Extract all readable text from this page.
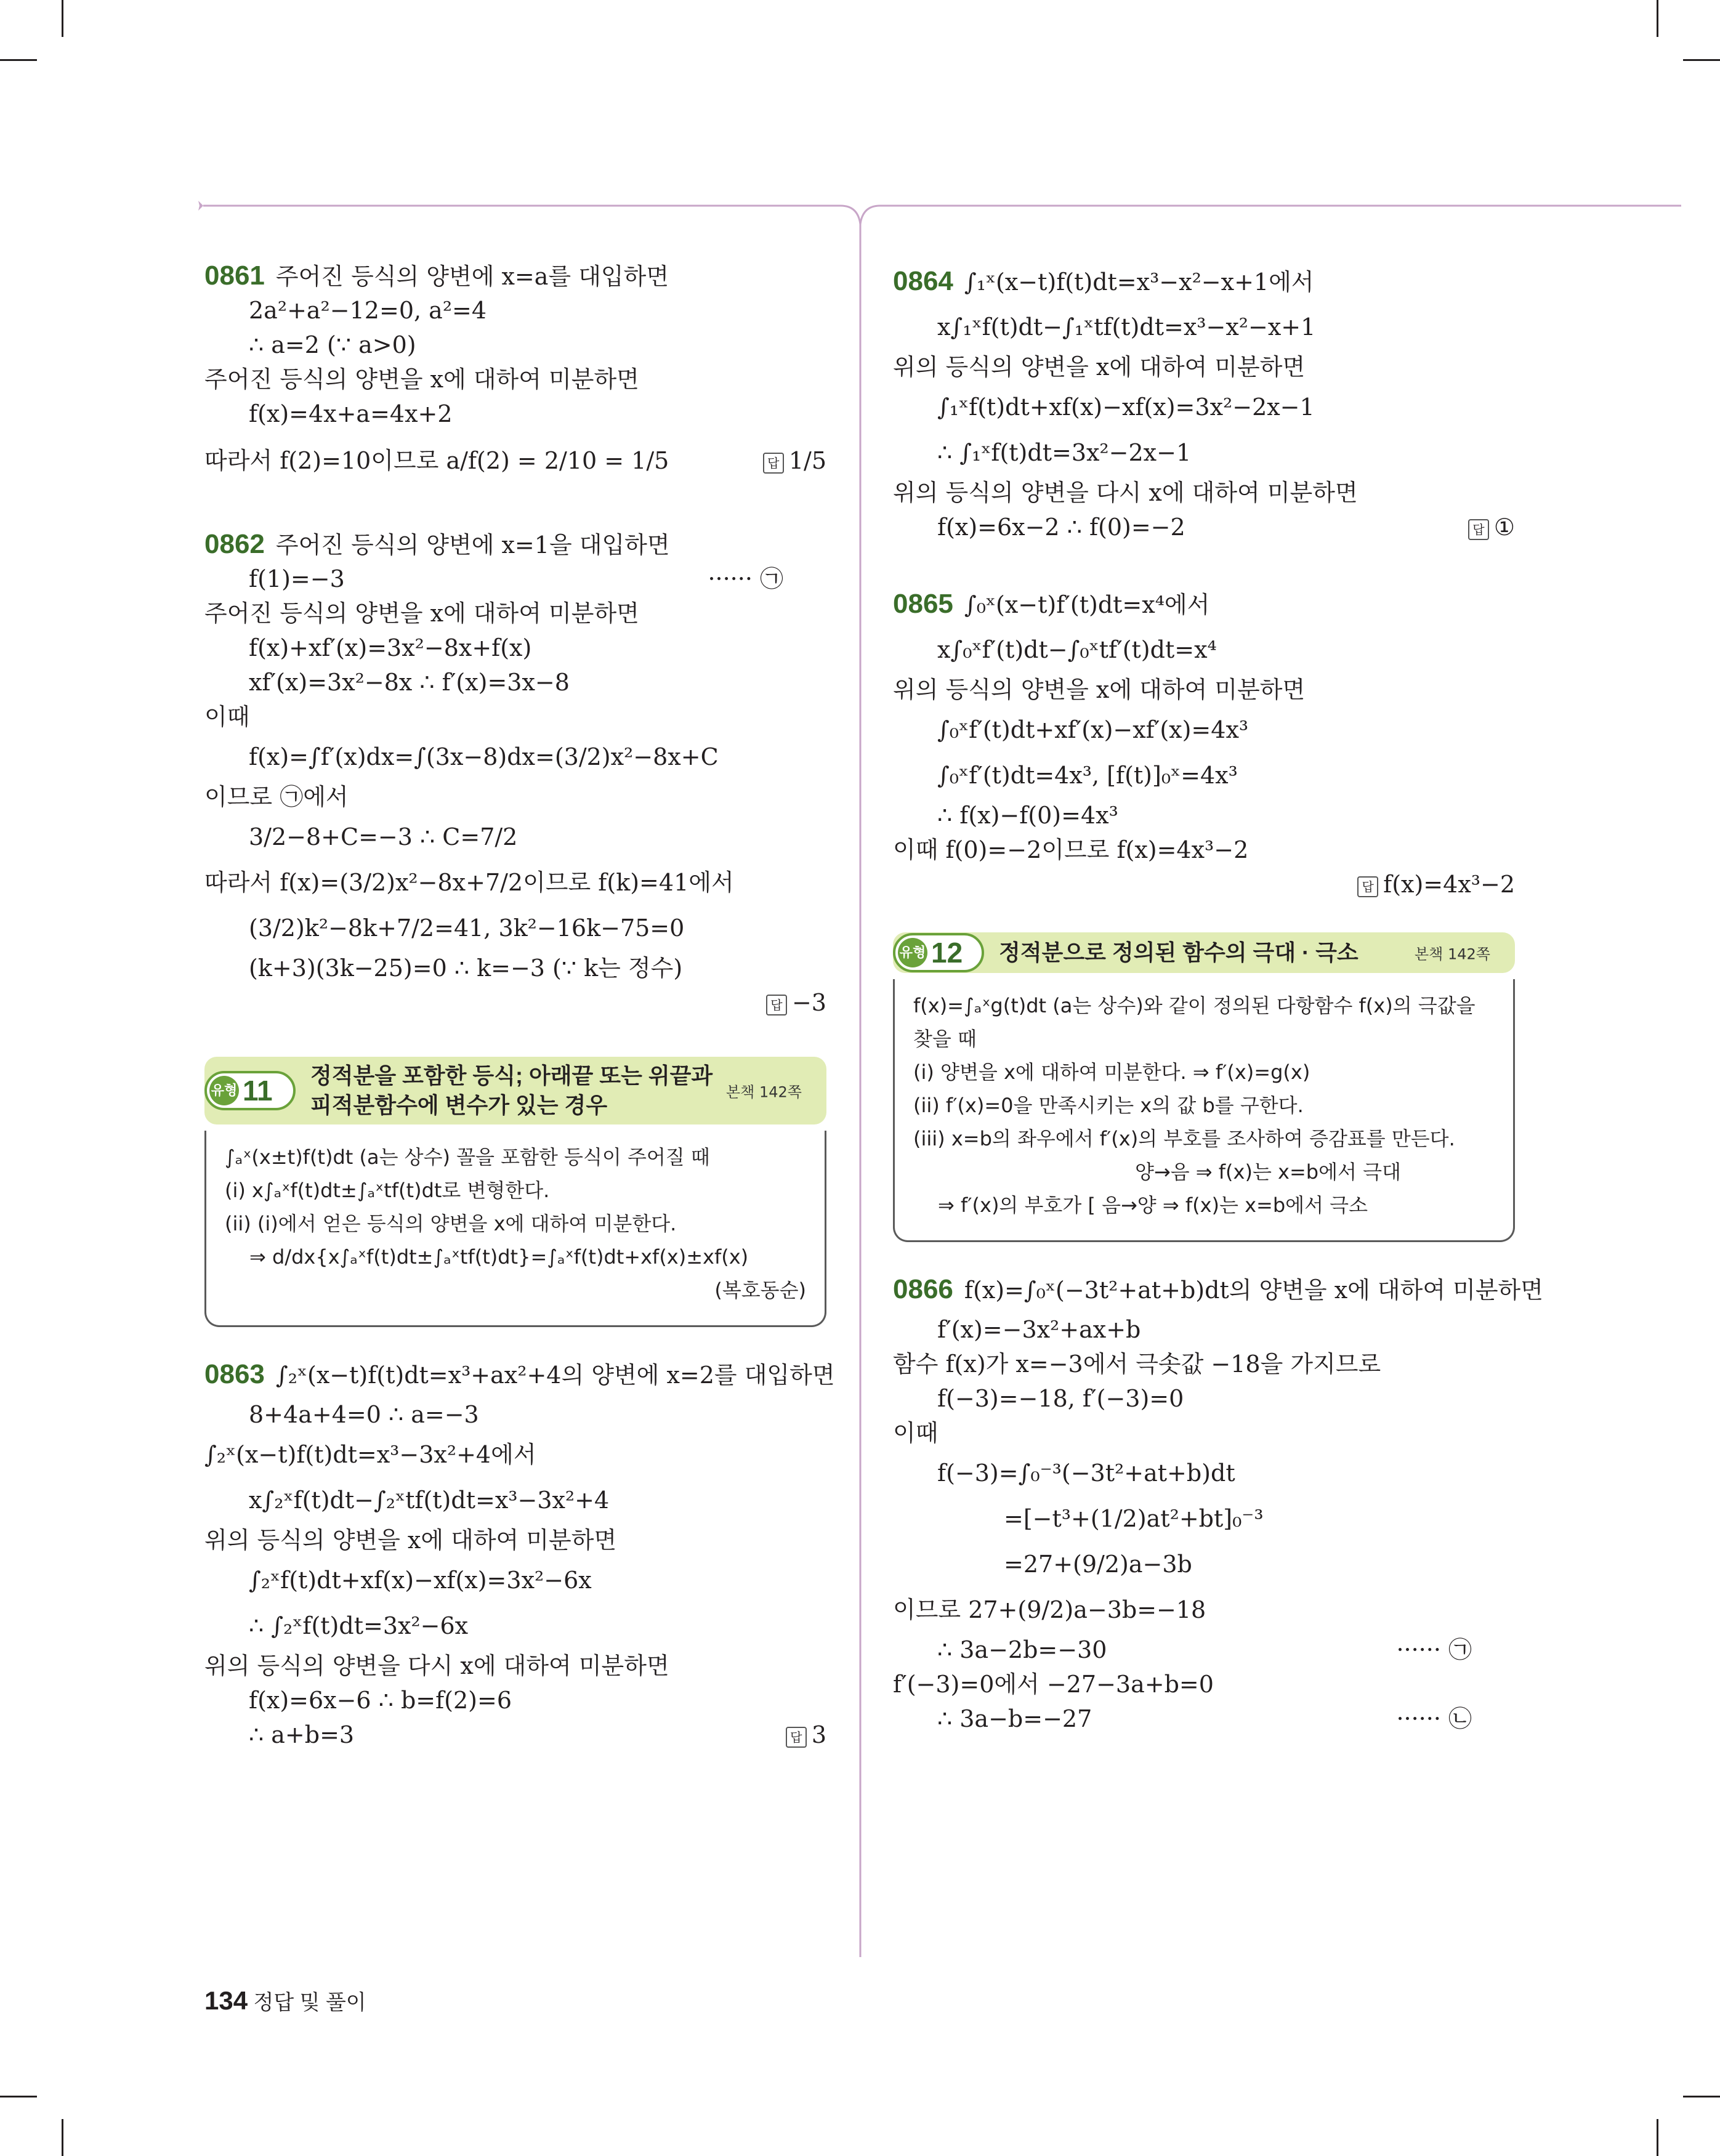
0861 주어진 등식의 양변에 x=a를 대입하면
2a²+a²−12=0, a²=4
∴ a=2 (∵ a>0)
주어진 등식의 양변을 x에 대하여 미분하면
f(x)=4x+a=4x+2
따라서 f(2)=10이므로 a/f(2) = 2/10 = 1/5	답 1/5
0862 주어진 등식의 양변에 x=1을 대입하면
f(1)=−3	······ ㉠
주어진 등식의 양변을 x에 대하여 미분하면
f(x)+xf′(x)=3x²−8x+f(x)
xf′(x)=3x²−8x ∴ f′(x)=3x−8
이때
f(x)=∫f′(x)dx=∫(3x−8)dx=(3/2)x²−8x+C
이므로 ㉠에서
3/2−8+C=−3 ∴ C=7/2
따라서 f(x)=(3/2)x²−8x+7/2이므로 f(k)=41에서
(3/2)k²−8k+7/2=41, 3k²−16k−75=0
(k+3)(3k−25)=0 ∴ k=−3 (∵ k는 정수)
답 −3
유형 11 정적분을 포함한 등식; 아래끝 또는 위끝과
피적분함수에 변수가 있는 경우
본책 142쪽
∫ₐˣ(x±t)f(t)dt (a는 상수) 꼴을 포함한 등식이 주어질 때
(i) x∫ₐˣf(t)dt±∫ₐˣtf(t)dt로 변형한다.
(ii) (i)에서 얻은 등식의 양변을 x에 대하여 미분한다.
⇒ d/dx{x∫ₐˣf(t)dt±∫ₐˣtf(t)dt}=∫ₐˣf(t)dt+xf(x)±xf(x)
(복호동순)
0863 ∫₂ˣ(x−t)f(t)dt=x³+ax²+4의 양변에 x=2를 대입하면
8+4a+4=0 ∴ a=−3
∫₂ˣ(x−t)f(t)dt=x³−3x²+4에서
x∫₂ˣf(t)dt−∫₂ˣtf(t)dt=x³−3x²+4
위의 등식의 양변을 x에 대하여 미분하면
∫₂ˣf(t)dt+xf(x)−xf(x)=3x²−6x
∴ ∫₂ˣf(t)dt=3x²−6x
위의 등식의 양변을 다시 x에 대하여 미분하면
f(x)=6x−6 ∴ b=f(2)=6
∴ a+b=3	답 3
0864 ∫₁ˣ(x−t)f(t)dt=x³−x²−x+1에서
x∫₁ˣf(t)dt−∫₁ˣtf(t)dt=x³−x²−x+1
위의 등식의 양변을 x에 대하여 미분하면
∫₁ˣf(t)dt+xf(x)−xf(x)=3x²−2x−1
∴ ∫₁ˣf(t)dt=3x²−2x−1
위의 등식의 양변을 다시 x에 대하여 미분하면
f(x)=6x−2 ∴ f(0)=−2	답 ①
0865 ∫₀ˣ(x−t)f′(t)dt=x⁴에서
x∫₀ˣf′(t)dt−∫₀ˣtf′(t)dt=x⁴
위의 등식의 양변을 x에 대하여 미분하면
∫₀ˣf′(t)dt+xf′(x)−xf′(x)=4x³
∫₀ˣf′(t)dt=4x³, [f(t)]₀ˣ=4x³
∴ f(x)−f(0)=4x³
이때 f(0)=−2이므로 f(x)=4x³−2
답 f(x)=4x³−2
유형 12 정적분으로 정의된 함수의 극대 · 극소	본책 142쪽
f(x)=∫ₐˣg(t)dt (a는 상수)와 같이 정의된 다항함수 f(x)의 극값을
찾을 때
(i) 양변을 x에 대하여 미분한다. ⇒ f′(x)=g(x)
(ii) f′(x)=0을 만족시키는 x의 값 b를 구한다.
(iii) x=b의 좌우에서 f′(x)의 부호를 조사하여 증감표를 만든다.
양→음 ⇒ f(x)는 x=b에서 극대
⇒ f′(x)의 부호가 [ 음→양 ⇒ f(x)는 x=b에서 극소
0866 f(x)=∫₀ˣ(−3t²+at+b)dt의 양변을 x에 대하여 미분하면
f′(x)=−3x²+ax+b
함수 f(x)가 x=−3에서 극솟값 −18을 가지므로
f(−3)=−18, f′(−3)=0
이때
f(−3)=∫₀⁻³(−3t²+at+b)dt
=[−t³+(1/2)at²+bt]₀⁻³
=27+(9/2)a−3b
이므로 27+(9/2)a−3b=−18
∴ 3a−2b=−30	······ ㉠
f′(−3)=0에서 −27−3a+b=0
∴ 3a−b=−27	······ ㉡
134 정답 및 풀이
